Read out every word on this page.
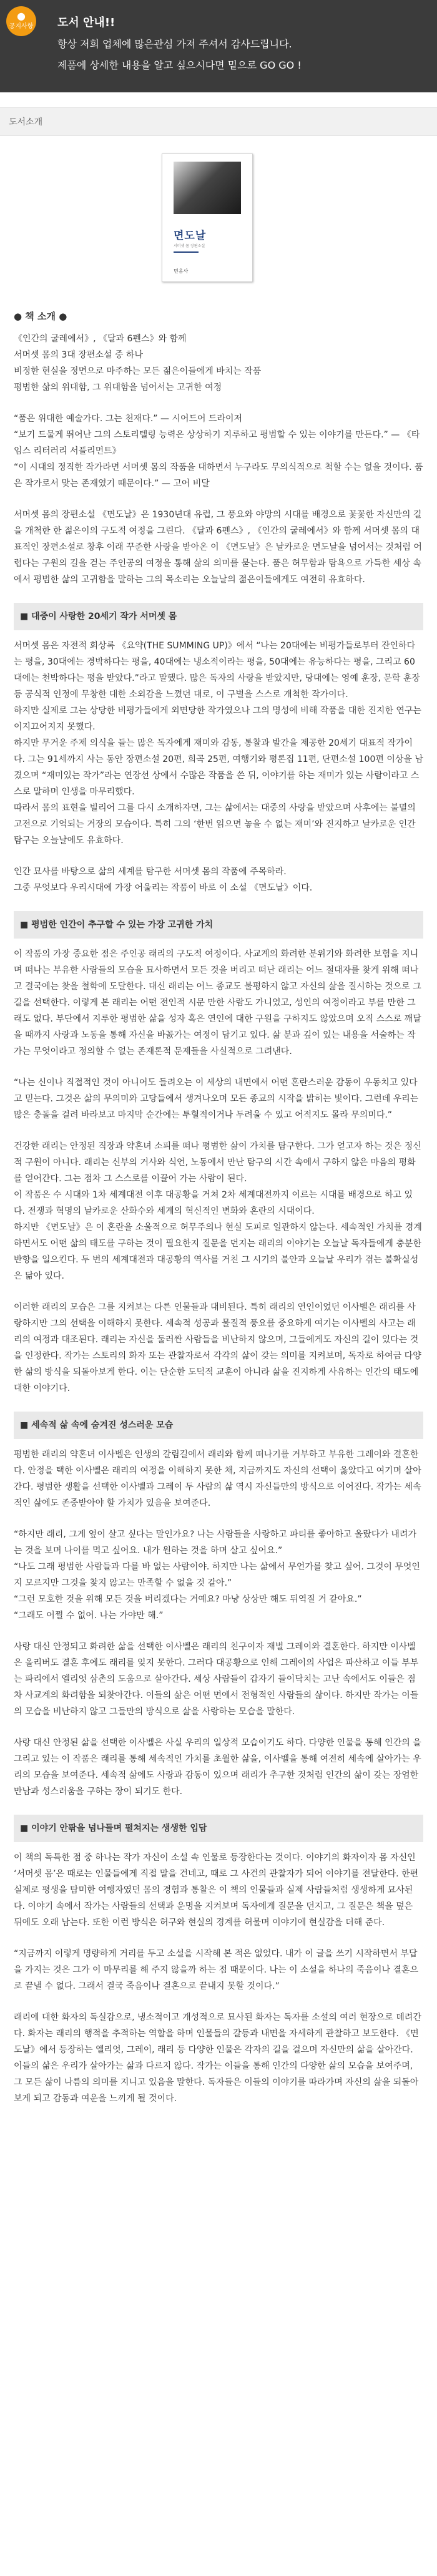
●
공지사항 도서 안내!!
항상 저희 업체에 많은관심 가져 주셔서 감사드립니다.
제품에 상세한 내용을 알고 싶으시다면 밑으로 GO GO !
도서소개
면도날
서머셋 몸 장편소설
민음사
● 책 소개 ●
《인간의 굴레에서》, 《달과 6펜스》와 함께
서머셋 몸의 3대 장편소설 중 하나
비정한 현실을 정면으로 마주하는 모든 젊은이들에게 바치는 작품
평범한 삶의 위대함, 그 위대함을 넘어서는 고귀한 여정
“품은 위대한 예술가다. 그는 천재다.” — 시어드어 드라이저
“보기 드물게 뛰어난 그의 스토리텔링 능력은 상상하기 지루하고 평범할 수 있는 이야기를 만든다.” — 《타임스 리터러리 서플리먼트》
“이 시대의 정직한 작가라면 서머셋 몸의 작품을 대하면서 누구라도 무의식적으로 척할 수는 없을 것이다. 품은 작가로서 맞는 존재였기 때문이다.” — 고어 비달
서머셋 몸의 장편소설 《면도날》은 1930년대 유럽, 그 풍요와 야망의 시대를 배경으로 꽃꽃한 자신만의 길을 개척한 한 젊은이의 구도적 여정을 그린다. 《달과 6펜스》, 《인간의 굴레에서》와 함께 서머셋 몸의 대표적인 장편소설로 창후 이래 꾸준한 사랑을 받아온 이 《면도날》은 날카로운 면도날을 넘어서는 것처럼 어렵다는 구원의 길을 걷는 주인공의 여정을 통해 삶의 의미를 묻는다. 품은 허무함과 탐욕으로 가득한 세상 속에서 평범한 삶의 고귀함을 말하는 그의 목소리는 오늘날의 젊은이들에게도 여전히 유효하다.
■ 대중이 사랑한 20세기 작가 서머셋 몸
서머셋 몸은 자전적 회상록 《요약(THE SUMMING UP)》에서 “나는 20대에는 비평가들로부터 잔인하다는 평을, 30대에는 경박하다는 평을, 40대에는 냉소적이라는 평을, 50대에는 유능하다는 평을, 그리고 60대에는 천박하다는 평을 받았다.”라고 말했다. 많은 독자의 사랑을 받았지만, 당대에는 영예 훈장, 문학 훈장 등 공식적 인정에 무창한 대한 소외감을 느꼈던 대로, 이 구별을 스스로 개척한 작가이다.
하지만 실제로 그는 상당한 비평가들에게 외면당한 작가였으나 그의 명성에 비해 작품을 대한 진지한 연구는 이지끄어지지 못했다.
하지만 무거운 주제 의식을 들는 많은 독자에게 재미와 감동, 통찰과 발간을 제공한 20세기 대표적 작가이다. 그는 91세까지 사는 동안 장편소설 20편, 희곡 25편, 여행기와 평론집 11편, 단편소설 100편 이상을 남겼으며 “재미있는 작가”라는 연장선 상에서 수많은 작품을 쓴 뒤, 이야기를 하는 재미가 있는 사람이라고 스스로 말하며 인생을 마무리했다.
따라서 몸의 표현을 빌리어 그를 다시 소개하자면, 그는 삶에서는 대중의 사랑을 받았으며 사후에는 불멸의 고전으로 기억되는 거장의 모습이다. 특히 그의 ‘한번 읽으면 놓을 수 없는 재미’와 진지하고 날카로운 인간 탐구는 오늘날에도 유효하다.
인간 묘사를 바탕으로 삶의 세계를 탐구한 서머셋 몸의 작품에 주목하라.
그중 무엇보다 우리시대에 가장 어울리는 작품이 바로 이 소설 《면도날》이다.
■ 평범한 인간이 추구할 수 있는 가장 고귀한 가치
이 작품의 가장 중요한 점은 주인공 래리의 구도적 여정이다. 사교계의 화려한 분위기와 화려한 보험을 지니며 떠나는 부유한 사람들의 모습을 묘사하면서 모든 것을 버리고 떠난 래리는 어느 절대자를 찾게 위해 떠나고 결국에는 찾을 철학에 도달한다. 대신 래리는 어느 종교도 불평하지 않고 자신의 삶을 질시하는 것으로 그 길을 선택한다. 이렇게 본 래리는 어떤 전인적 시문 만한 사람도 가니었고, 성인의 여정이라고 부를 만한 그래도 없다. 부단에서 지루한 평범한 삶을 성자 혹은 연인에 대한 구원을 구하지도 않았으며 오직 스스로 깨달을 때까지 사랑과 노동을 통해 자신을 바꼸가는 여정이 담기고 있다. 삶 분과 깊이 있는 내용을 서술하는 작가는 무엇이라고 정의할 수 없는 존재론적 문제들을 사실적으로 그려낸다.
“나는 신이나 직접적인 것이 아니어도 들려오는 이 세상의 내면에서 어떤 혼란스러운 감동이 우동치고 있다고 믿는다. 그것은 삶의 무의미와 고당들에서 생겨나오며 모든 종교의 시작을 밝히는 빛이다. 그런데 우리는 많은 충돌을 걸려 바라보고 마지막 순간에는 투혈적이거나 두려울 수 있고 어적지도 몰라 무의미다.”
건강한 래리는 안정된 직장과 약혼녀 소피를 떠나 평범한 삶이 가치를 탐구한다. 그가 얻고자 하는 것은 정신적 구원이 아니다. 래리는 신부의 거사와 식언, 노동에서 만난 탐구의 시간 속에서 구하지 않은 마음의 평화를 얻어간다. 그는 점차 그 스스로를 이끌어 가는 사람이 된다.
이 작품은 수 시대와 1차 세계대전 이후 대공황을 거쳐 2차 세계대전까지 이르는 시대를 배경으로 하고 있다. 전쟁과 혁명의 날카로운 산화수와 세계의 혁신적인 변화와 혼란의 시대이다.
하지만 《면도날》은 이 혼란을 소울적으로 허무주의나 현실 도피로 일관하지 않는다. 세속적인 가치를 경계하면서도 어떤 삶의 태도를 구하는 것이 필요한지 질문을 던지는 래리의 이야기는 오늘날 독자들에게 충분한 반향을 일으킨다. 두 번의 세계대전과 대공황의 역사를 거친 그 시기의 불안과 오늘날 우리가 겪는 불확실성은 닮아 있다.
이러한 래리의 모습은 그를 지켜보는 다른 인물들과 대비된다. 특히 래리의 연인이었던 이사벨은 래리를 사랑하지만 그의 선택을 이해하지 못한다. 세속적 성공과 물질적 풍요를 중요하게 여기는 이사벨의 사고는 래리의 여정과 대조된다. 래리는 자신을 둘러싼 사람들을 비난하지 않으며, 그들에게도 자신의 길이 있다는 것을 인정한다. 작가는 스토리의 화자 또는 관찰자로서 각각의 삶이 갖는 의미를 지켜보며, 독자로 하여금 다양한 삶의 방식을 되돌아보게 한다. 이는 단순한 도덕적 교훈이 아니라 삶을 진지하게 사유하는 인간의 태도에 대한 이야기다.
■ 세속적 삶 속에 숨겨진 성스러운 모습
평범한 래리의 약혼녀 이사벨은 인생의 갈림길에서 래리와 함께 떠나기를 거부하고 부유한 그레이와 결혼한다. 안정을 택한 이사벨은 래리의 여정을 이해하지 못한 채, 지금까지도 자신의 선택이 옳았다고 여기며 살아간다. 평범한 생활을 선택한 이사벨과 그레이 두 사람의 삶 역시 자신들만의 방식으로 이어진다. 작가는 세속적인 삶에도 존중받아야 할 가치가 있음을 보여준다.
“하지만 래리, 그게 옆이 살고 싶다는 말인가요? 나는 사람들을 사랑하고 파티를 좋아하고 올랐다가 내려가는 것을 보며 나이를 먹고 싶어요. 내가 원하는 것을 하며 살고 싶어요.”
“나도 그래 평범한 사람들과 다를 바 없는 사람이야. 하지만 나는 삶에서 무언가를 찾고 싶어. 그것이 무엇인지 모르지만 그것을 찾지 않고는 만족할 수 없을 것 같아.”
“그런 모호한 것을 위해 모든 것을 버리겠다는 거예요? 마냥 상상만 해도 뒤역질 거 같아요.”
“그래도 어쩔 수 없어. 나는 가야만 해.”
사랑 대신 안정되고 화려한 삶을 선택한 이사벨은 래리의 친구이자 재벌 그레이와 결혼한다. 하지만 이사벨은 올리버도 결혼 후에도 래리를 잊지 못한다. 그러다 대공황으로 인해 그레이의 사업은 파산하고 이들 부부는 파리에서 엘리엇 삼촌의 도움으로 살아간다. 세상 사람들이 갑자기 들이닥치는 고난 속에서도 이들은 점차 사교계의 화려함을 되찾아간다. 이들의 삶은 어떤 면에서 전형적인 사람들의 삶이다. 하지만 작가는 이들의 모습을 비난하지 않고 그들만의 방식으로 삶을 사랑하는 모습을 말한다.
사랑 대신 안정된 삶을 선택한 이사벨은 사실 우리의 일상적 모습이기도 하다. 다양한 인물을 통해 인간의 을 그리고 있는 이 작품은 래리를 통해 세속적인 가치를 초월한 삶을, 이사벨을 통해 여전히 세속에 살아가는 우리의 모습을 보여준다. 세속적 삶에도 사랑과 감동이 있으며 래리가 추구한 것처럼 인간의 삶이 갖는 장엄한 만남과 성스러움을 구하는 장이 되기도 한다.
■ 이야기 안팎을 넘나들며 펼쳐지는 생생한 입담
이 책의 독특한 점 중 하나는 작가 자신이 소설 속 인물로 등장한다는 것이다. 이야기의 화자이자 몸 자신인 ‘서머셋 몸’은 때로는 인물들에게 직접 말을 건네고, 때로 그 사건의 관찰자가 되어 이야기를 전달한다. 한편 실제로 평생을 탐미한 여행자였던 몸의 경험과 통찰은 이 책의 인물들과 실제 사람들처럼 생생하게 묘사된다. 이야기 속에서 작가는 사람들의 선택과 운명을 지켜보며 독자에게 질문을 던지고, 그 질문은 책을 덮은 뒤에도 오래 남는다. 또한 이런 방식은 허구와 현실의 경계를 허물며 이야기에 현실감을 더해 준다.
“지금까지 이렇게 명량하게 거리를 두고 소설을 시작해 본 적은 없었다. 내가 이 글을 쓰기 시작하면서 부답을 가지는 것은 그가 이 마무리를 해 주지 않을까 하는 점 때문이다. 나는 이 소설을 하나의 죽음이나 결혼으로 끝낼 수 없다. 그래서 결국 죽음이나 결혼으로 끝내지 못할 것이다.”
래리에 대한 화자의 독실감으로, 냉소적이고 개성적으로 묘사된 화자는 독자를 소설의 여러 현장으로 데려간다. 화자는 래리의 행적을 추적하는 역할을 하며 인물들의 갈등과 내면을 자세하게 관찰하고 보도한다. 《면도날》에서 등장하는 엘리엇, 그레이, 래리 등 다양한 인물은 각자의 길을 걸으며 자신만의 삶을 살아간다. 이들의 삶은 우리가 살아가는 삶과 다르지 않다. 작가는 이들을 통해 인간의 다양한 삶의 모습을 보여주며, 그 모든 삶이 나름의 의미를 지니고 있음을 말한다. 독자들은 이들의 이야기를 따라가며 자신의 삶을 되돌아보게 되고 감동과 여운을 느끼게 될 것이다.
